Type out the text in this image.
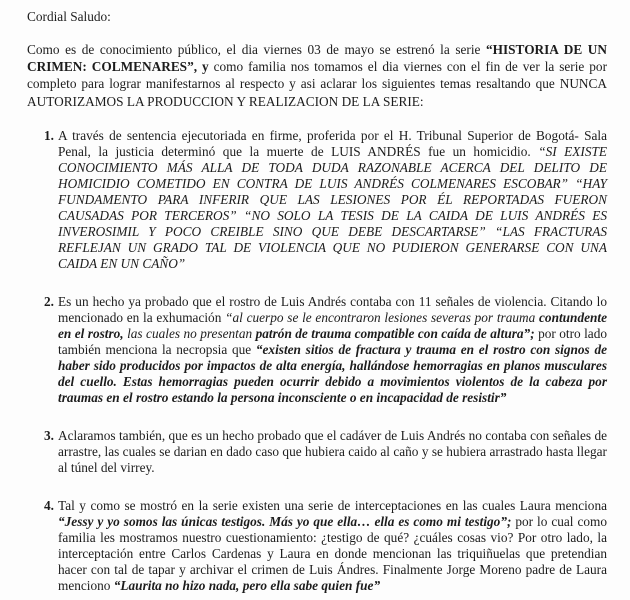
Cordial Saludo:

Como es de conocimiento público, el dia viernes 03 de mayo se estrenó la serie “HISTORIA DE UN CRIMEN: COLMENARES”, y como familia nos tomamos el dia viernes con el fin de ver la serie por completo para lograr manifestarnos al respecto y asi aclarar los siguientes temas resaltando que NUNCA AUTORIZAMOS LA PRODUCCION Y REALIZACION DE LA SERIE:

1. A través de sentencia ejecutoriada en firme, proferida por el H. Tribunal Superior de Bogotá- Sala Penal, la justicia determinó que la muerte de LUIS ANDRÉS fue un homicidio. “SI EXISTE CONOCIMIENTO MÁS ALLA DE TODA DUDA RAZONABLE ACERCA DEL DELITO DE HOMICIDIO COMETIDO EN CONTRA DE LUIS ANDRÉS COLMENARES ESCOBAR” “HAY FUNDAMENTO PARA INFERIR QUE LAS LESIONES POR ÉL REPORTADAS FUERON CAUSADAS POR TERCEROS” “NO SOLO LA TESIS DE LA CAIDA DE LUIS ANDRÉS ES INVEROSIMIL Y POCO CREIBLE SINO QUE DEBE DESCARTARSE” “LAS FRACTURAS REFLEJAN UN GRADO TAL DE VIOLENCIA QUE NO PUDIERON GENERARSE CON UNA CAIDA EN UN CAÑO”
2. Es un hecho ya probado que el rostro de Luis Andrés contaba con 11 señales de violencia. Citando lo mencionado en la exhumación “al cuerpo se le encontraron lesiones severas por trauma contundente en el rostro, las cuales no presentan patrón de trauma compatible con caída de altura”; por otro lado también menciona la necropsia que “existen sitios de fractura y trauma en el rostro con signos de haber sido producidos por impactos de alta energía, hallándose hemorragias en planos musculares del cuello. Estas hemorragias pueden ocurrir debido a movimientos violentos de la cabeza por traumas en el rostro estando la persona inconsciente o en incapacidad de resistir”
3. Aclaramos también, que es un hecho probado que el cadáver de Luis Andrés no contaba con señales de arrastre, las cuales se darian en dado caso que hubiera caido al caño y se hubiera arrastrado hasta llegar al túnel del virrey.
4. Tal y como se mostró en la serie existen una serie de interceptaciones en las cuales Laura menciona “Jessy y yo somos las únicas testigos. Más yo que ella… ella es como mi testigo”; por lo cual como familia les mostramos nuestro cuestionamiento: ¿testigo de qué? ¿cuáles cosas vio? Por otro lado, la interceptación entre Carlos Cardenas y Laura en donde mencionan las triquiñuelas que pretendian hacer con tal de tapar y archivar el crimen de Luis Ándres. Finalmente Jorge Moreno padre de Laura menciono “Laurita no hizo nada, pero ella sabe quien fue”
